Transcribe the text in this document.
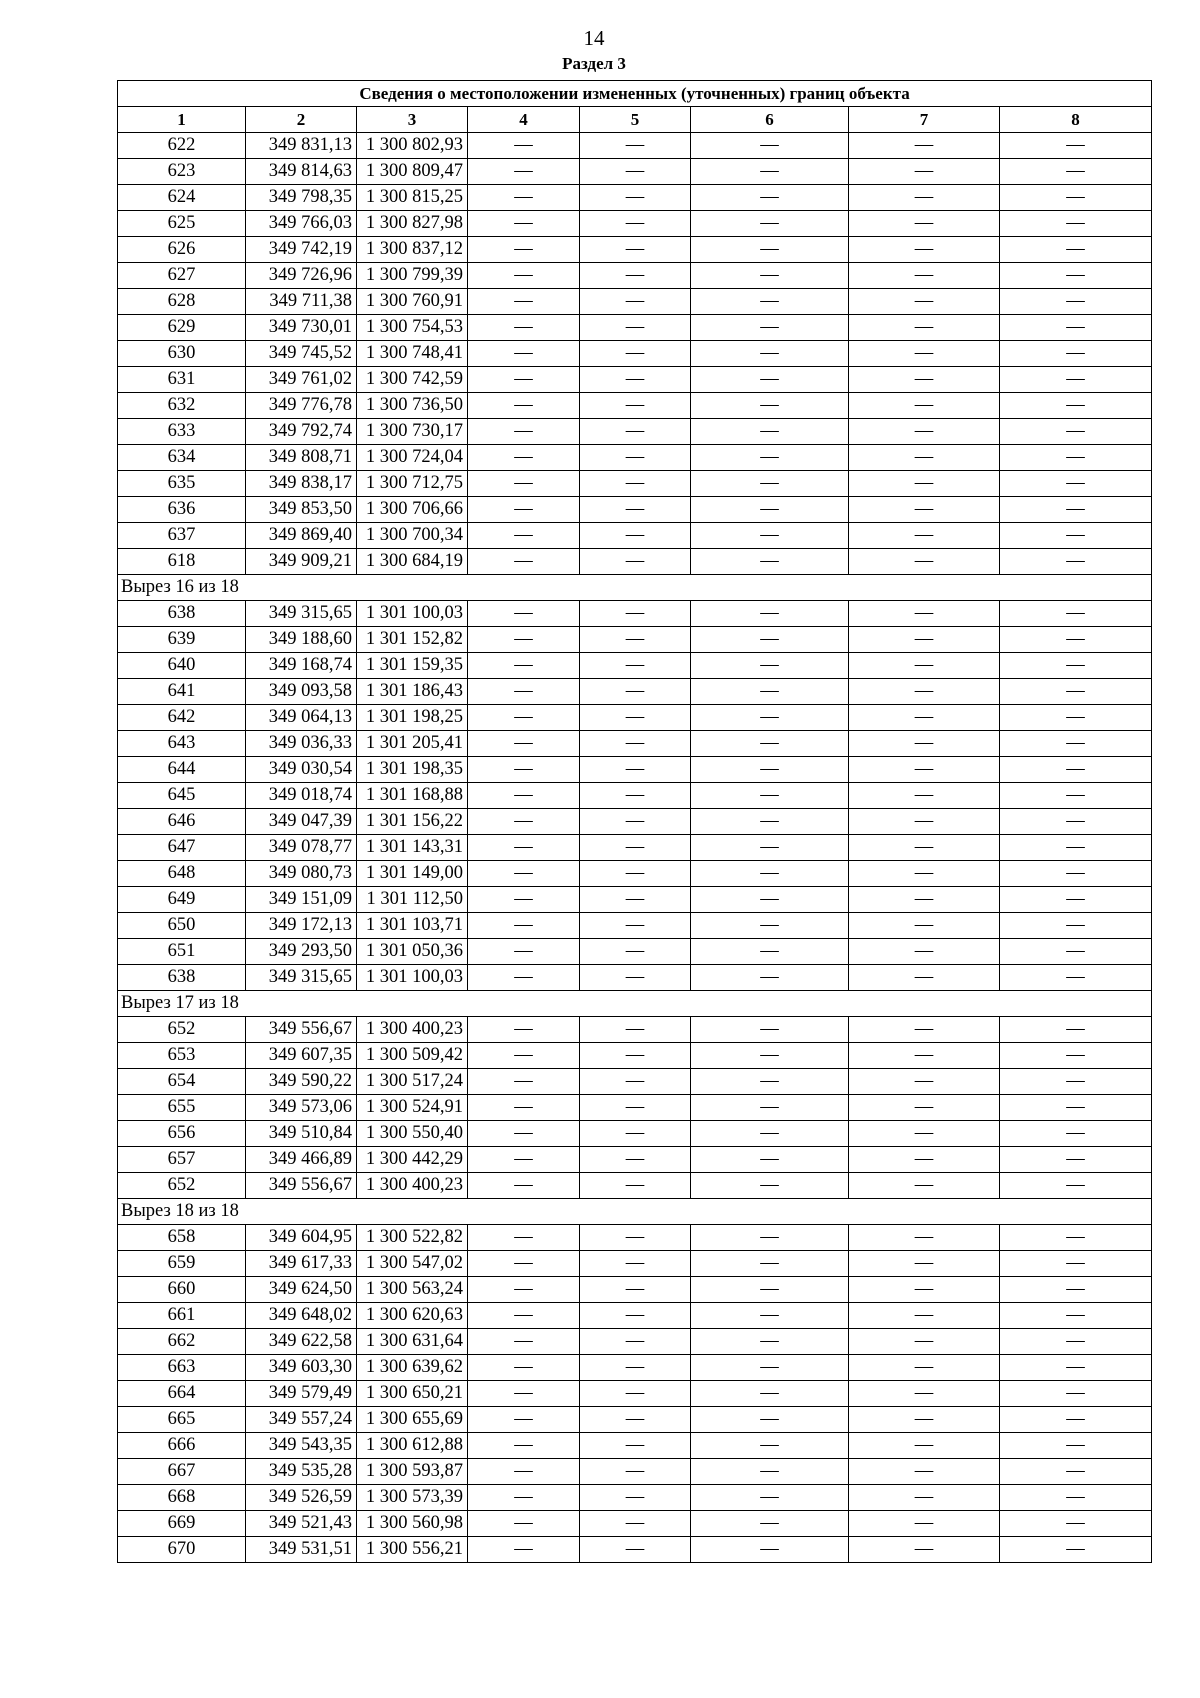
14
Раздел 3
Сведения о местоположении измененных (уточненных) границ объекта							
1	2	3	4	5	6	7	8
622	349 831,13	1 300 802,93	—	—	—	—	—
623	349 814,63	1 300 809,47	—	—	—	—	—
624	349 798,35	1 300 815,25	—	—	—	—	—
625	349 766,03	1 300 827,98	—	—	—	—	—
626	349 742,19	1 300 837,12	—	—	—	—	—
627	349 726,96	1 300 799,39	—	—	—	—	—
628	349 711,38	1 300 760,91	—	—	—	—	—
629	349 730,01	1 300 754,53	—	—	—	—	—
630	349 745,52	1 300 748,41	—	—	—	—	—
631	349 761,02	1 300 742,59	—	—	—	—	—
632	349 776,78	1 300 736,50	—	—	—	—	—
633	349 792,74	1 300 730,17	—	—	—	—	—
634	349 808,71	1 300 724,04	—	—	—	—	—
635	349 838,17	1 300 712,75	—	—	—	—	—
636	349 853,50	1 300 706,66	—	—	—	—	—
637	349 869,40	1 300 700,34	—	—	—	—	—
618	349 909,21	1 300 684,19	—	—	—	—	—
Вырез 16 из 18							
638	349 315,65	1 301 100,03	—	—	—	—	—
639	349 188,60	1 301 152,82	—	—	—	—	—
640	349 168,74	1 301 159,35	—	—	—	—	—
641	349 093,58	1 301 186,43	—	—	—	—	—
642	349 064,13	1 301 198,25	—	—	—	—	—
643	349 036,33	1 301 205,41	—	—	—	—	—
644	349 030,54	1 301 198,35	—	—	—	—	—
645	349 018,74	1 301 168,88	—	—	—	—	—
646	349 047,39	1 301 156,22	—	—	—	—	—
647	349 078,77	1 301 143,31	—	—	—	—	—
648	349 080,73	1 301 149,00	—	—	—	—	—
649	349 151,09	1 301 112,50	—	—	—	—	—
650	349 172,13	1 301 103,71	—	—	—	—	—
651	349 293,50	1 301 050,36	—	—	—	—	—
638	349 315,65	1 301 100,03	—	—	—	—	—
Вырез 17 из 18							
652	349 556,67	1 300 400,23	—	—	—	—	—
653	349 607,35	1 300 509,42	—	—	—	—	—
654	349 590,22	1 300 517,24	—	—	—	—	—
655	349 573,06	1 300 524,91	—	—	—	—	—
656	349 510,84	1 300 550,40	—	—	—	—	—
657	349 466,89	1 300 442,29	—	—	—	—	—
652	349 556,67	1 300 400,23	—	—	—	—	—
Вырез 18 из 18							
658	349 604,95	1 300 522,82	—	—	—	—	—
659	349 617,33	1 300 547,02	—	—	—	—	—
660	349 624,50	1 300 563,24	—	—	—	—	—
661	349 648,02	1 300 620,63	—	—	—	—	—
662	349 622,58	1 300 631,64	—	—	—	—	—
663	349 603,30	1 300 639,62	—	—	—	—	—
664	349 579,49	1 300 650,21	—	—	—	—	—
665	349 557,24	1 300 655,69	—	—	—	—	—
666	349 543,35	1 300 612,88	—	—	—	—	—
667	349 535,28	1 300 593,87	—	—	—	—	—
668	349 526,59	1 300 573,39	—	—	—	—	—
669	349 521,43	1 300 560,98	—	—	—	—	—
670	349 531,51	1 300 556,21	—	—	—	—	—
